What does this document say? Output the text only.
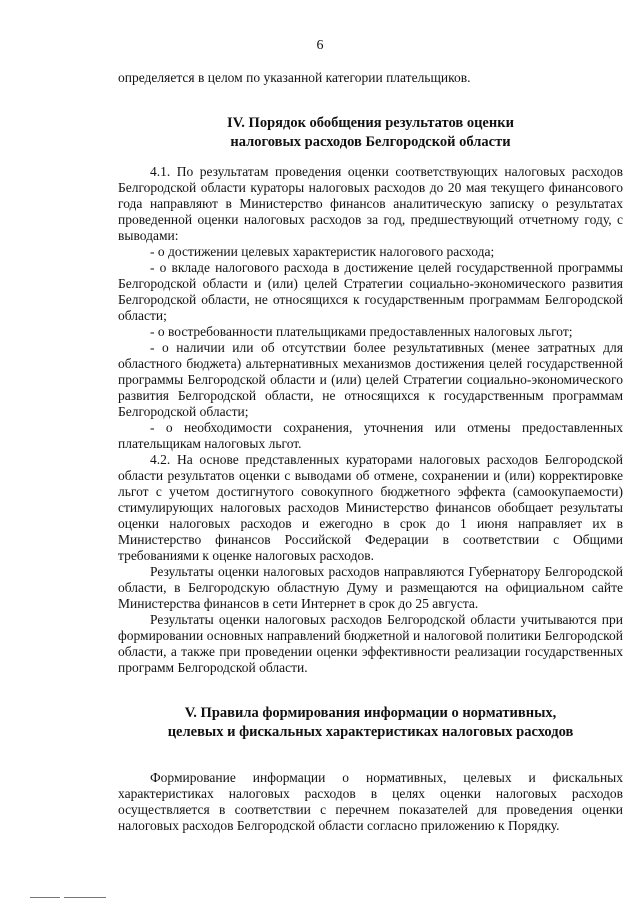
6

определяется в целом по указанной категории плательщиков.

IV. Порядок обобщения результатов оценки

налоговых расходов Белгородской области

4.1. По результатам проведения оценки соответствующих налоговых расходов Белгородской области кураторы налоговых расходов до 20 мая текущего финансового года направляют в Министерство финансов аналитическую записку о результатах проведенной оценки налоговых расходов за год, предшествующий отчетному году, с выводами:

- о достижении целевых характеристик налогового расхода;

- о вкладе налогового расхода в достижение целей государственной программы Белгородской области и (или) целей Стратегии социально-экономического развития Белгородской области, не относящихся к государственным программам Белгородской области;

- о востребованности плательщиками предоставленных налоговых льгот;

- о наличии или об отсутствии более результативных (менее затратных для областного бюджета) альтернативных механизмов достижения целей государственной программы Белгородской области и (или) целей Стратегии социально-экономического развития Белгородской области, не относящихся к государственным программам Белгородской области;

- о необходимости сохранения, уточнения или отмены предоставленных плательщикам налоговых льгот.

4.2. На основе представленных кураторами налоговых расходов Белгородской области результатов оценки с выводами об отмене, сохранении и (или) корректировке льгот с учетом достигнутого совокупного бюджетного эффекта (самоокупаемости) стимулирующих налоговых расходов Министерство финансов обобщает результаты оценки налоговых расходов и ежегодно в срок до 1 июня направляет их в Министерство финансов Российской Федерации в соответствии с Общими требованиями к оценке налоговых расходов.

Результаты оценки налоговых расходов направляются Губернатору Белгородской области, в Белгородскую областную Думу и размещаются на официальном сайте Министерства финансов в сети Интернет в срок до 25 августа.

Результаты оценки налоговых расходов Белгородской области учитываются при формировании основных направлений бюджетной и налоговой политики Белгородской области, а также при проведении оценки эффективности реализации государственных программ Белгородской области.

V. Правила формирования информации о нормативных,

целевых и фискальных характеристиках налоговых расходов

Формирование информации о нормативных, целевых и фискальных характеристиках налоговых расходов в целях оценки налоговых расходов осуществляется в соответствии с перечнем показателей для проведения оценки налоговых расходов Белгородской области согласно приложению к Порядку.
